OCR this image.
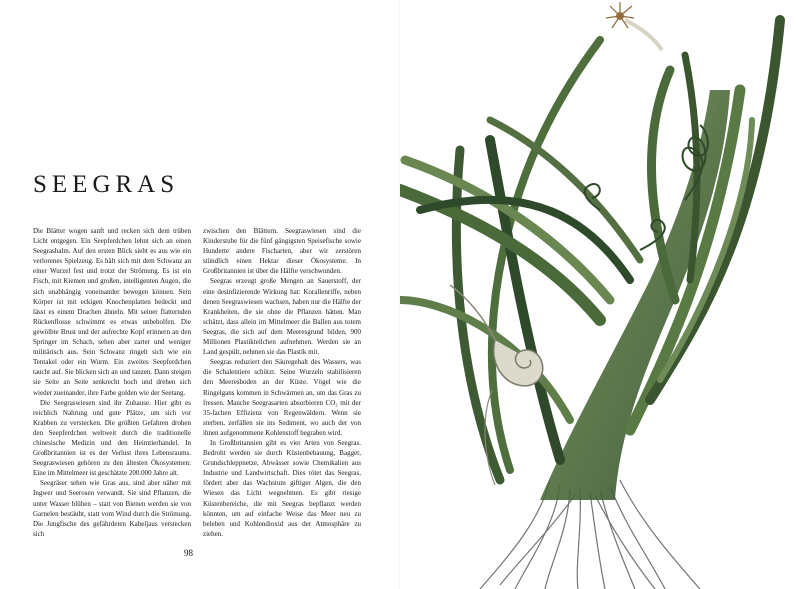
SEEGRAS

Die Blätter wogen sanft und recken sich dem trüben Licht entgegen. Ein Seepferdchen lehnt sich an einen Seegrashalm. Auf den ersten Blick sieht es aus wie ein verlorenes Spielzeug. Es hält sich mit dem Schwanz an einer Wurzel fest und trotzt der Strömung. Es ist ein Fisch, mit Kiemen und großen, intelligenten Augen, die sich unabhängig voneinander bewegen können. Sein Körper ist mit eckigen Knochenplatten bedeckt und lässt es einem Drachen ähneln. Mit seiner flatternden Rückenflosse schwimmt es etwas unbeholfen. Die gewölbte Brust und der aufrechte Kopf erinnern an den Springer im Schach, sehen aber zarter und weniger militärisch aus. Sein Schwanz ringelt sich wie ein Tentakel oder ein Wurm. Ein zweites Seepferdchen taucht auf. Sie blicken sich an und tanzen. Dann steigen sie Seite an Seite senkrecht hoch und drehen sich wieder zueinander, ihre Farbe golden wie der Seetang.

Die Seegraswiesen sind ihr Zuhause. Hier gibt es reichlich Nahrung und gute Plätze, um sich vor Krabben zu verstecken. Die größten Gefahren drohen den Seepferdchen weltweit durch die traditionelle chinesische Medizin und den Heimtierhandel. In Großbritannien ist es der Verlust ihres Lebensraums. Seegraswiesen gehören zu den ältesten Ökosystemen: Eine im Mittelmeer ist geschätzte 200.000 Jahre alt.

Seegräser sehen wie Gras aus, sind aber näher mit Ingwer und Seerosen verwandt. Sie sind Pflanzen, die unter Wasser blühen – statt von Bienen werden sie von Garnelen bestäubt, statt vom Wind durch die Strömung. Die Jungfische des gefährdeten Kabeljaus verstecken sich

zwischen den Blättern. Seegraswiesen sind die Kinderstube für die fünf gängigsten Speisefische sowie Hunderte andere Fischarten, aber wir zerstören stündlich einen Hektar dieser Ökosysteme. In Großbritannien ist über die Hälfte verschwunden.

Seegras erzeugt große Mengen an Sauerstoff, der eine desinfizierende Wirkung hat: Korallenriffe, neben denen Seegraswiesen wachsen, haben nur die Hälfte der Krankheiten, die sie ohne die Pflanzen hätten. Man schätzt, dass allein im Mittelmeer die Ballen aus totem Seegras, die sich auf dem Meeresgrund bilden, 900 Millionen Plastikteilchen aufnehmen. Werden sie an Land gespült, nehmen sie das Plastik mit.

Seegras reduziert den Säuregehalt des Wassers, was die Schalentiere schützt. Seine Wurzeln stabilisieren den Meeresboden an der Küste. Vögel wie die Ringelgans kommen in Schwärmen an, um das Gras zu fressen. Manche Seegrasarten absorbieren CO₂ mit der 35-fachen Effizienz von Regenwäldern. Wenn sie sterben, zerfällen sie ins Sediment, wo auch der von ihnen aufgenommene Kohlenstoff begraben wird.

In Großbritannien gibt es vier Arten von Seegras. Bedroht werden sie durch Küstenbebauung, Bagger, Grundschleppnetze, Abwässer sowie Chemikalien aus Industrie und Landwirtschaft. Dies tötet das Seegras, fördert aber das Wachstum giftiger Algen, die den Wiesen das Licht wegnehmen. Es gibt riesige Küstenbereiche, die mit Seegras bepflanzt werden könnten, um auf einfache Weise das Meer neu zu beleben und Kohlendioxid aus der Atmosphäre zu ziehen.

98
